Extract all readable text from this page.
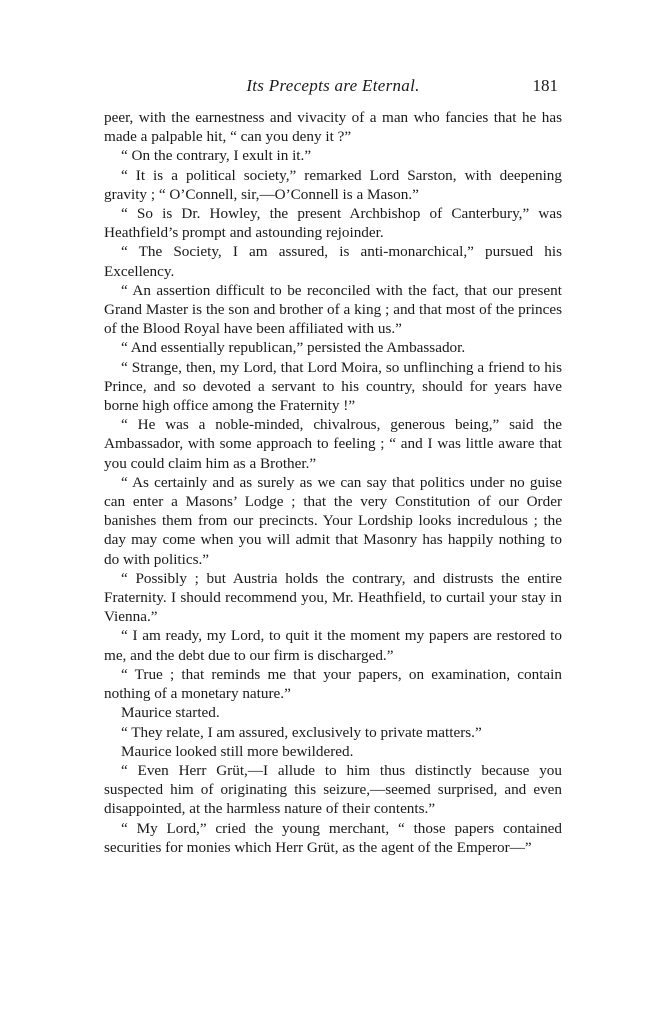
Its Precepts are Eternal.	181

peer, with the earnestness and vivacity of a man who fancies that he has made a palpable hit, “ can you deny it ?”

“ On the contrary, I exult in it.”

“ It is a political society,” remarked Lord Sarston, with deepening gravity ; “ O’Connell, sir,—O’Connell is a Mason.”

“ So is Dr. Howley, the present Archbishop of Canterbury,” was Heathfield’s prompt and astounding rejoinder.

“ The Society, I am assured, is anti-monarchical,” pursued his Excellency.

“ An assertion difficult to be reconciled with the fact, that our present Grand Master is the son and brother of a king ; and that most of the princes of the Blood Royal have been affiliated with us.”

“ And essentially republican,” persisted the Ambassador.

“ Strange, then, my Lord, that Lord Moira, so unflinching a friend to his Prince, and so devoted a servant to his country, should for years have borne high office among the Fraternity !”

“ He was a noble-minded, chivalrous, generous being,” said the Ambassador, with some approach to feeling ; “ and I was little aware that you could claim him as a Brother.”

“ As certainly and as surely as we can say that politics under no guise can enter a Masons’ Lodge ; that the very Constitution of our Order banishes them from our precincts. Your Lordship looks incredulous ; the day may come when you will admit that Masonry has happily nothing to do with politics.”

“ Possibly ; but Austria holds the contrary, and distrusts the entire Fraternity. I should recommend you, Mr. Heathfield, to curtail your stay in Vienna.”

“ I am ready, my Lord, to quit it the moment my papers are restored to me, and the debt due to our firm is discharged.”

“ True ; that reminds me that your papers, on examination, contain nothing of a monetary nature.”

Maurice started.

“ They relate, I am assured, exclusively to private matters.”

Maurice looked still more bewildered.

“ Even Herr Grüt,—I allude to him thus distinctly because you suspected him of originating this seizure,—seemed surprised, and even disappointed, at the harmless nature of their contents.”

“ My Lord,” cried the young merchant, “ those papers contained securities for monies which Herr Grüt, as the agent of the Emperor—”
